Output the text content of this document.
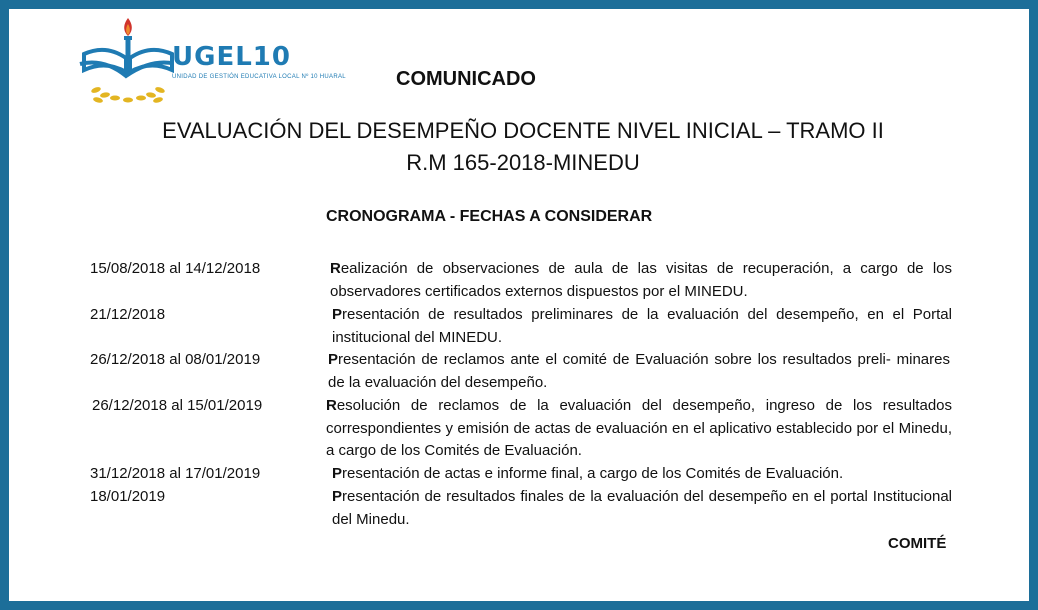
UGEL10
UNIDAD DE GESTIÓN EDUCATIVA LOCAL Nº 10 HUARAL	COMUNICADO
EVALUACIÓN DEL DESEMPEÑO DOCENTE NIVEL INICIAL – TRAMO II
R.M 165-2018-MINEDU
CRONOGRAMA - FECHAS A CONSIDERAR
15/08/2018 al 14/12/2018	Realización de observaciones de aula de las visitas de recuperación, a cargo de los observadores certificados externos dispuestos por el MINEDU.
21/12/2018	Presentación de resultados preliminares de la evaluación del desempeño, en el Portal institucional del MINEDU.
26/12/2018 al 08/01/2019	Presentación de reclamos ante el comité de Evaluación sobre los resultados preli- minares de la evaluación del desempeño.
26/12/2018 al 15/01/2019	Resolución de reclamos de la evaluación del desempeño, ingreso de los resultados correspondientes y emisión de actas de evaluación en el aplicativo establecido por el Minedu, a cargo de los Comités de Evaluación.
31/12/2018 al 17/01/2019	Presentación de actas e informe final, a cargo de los Comités de Evaluación.
18/01/2019	Presentación de resultados finales de la evaluación del desempeño en el portal Institucional del Minedu.
COMITÉ
